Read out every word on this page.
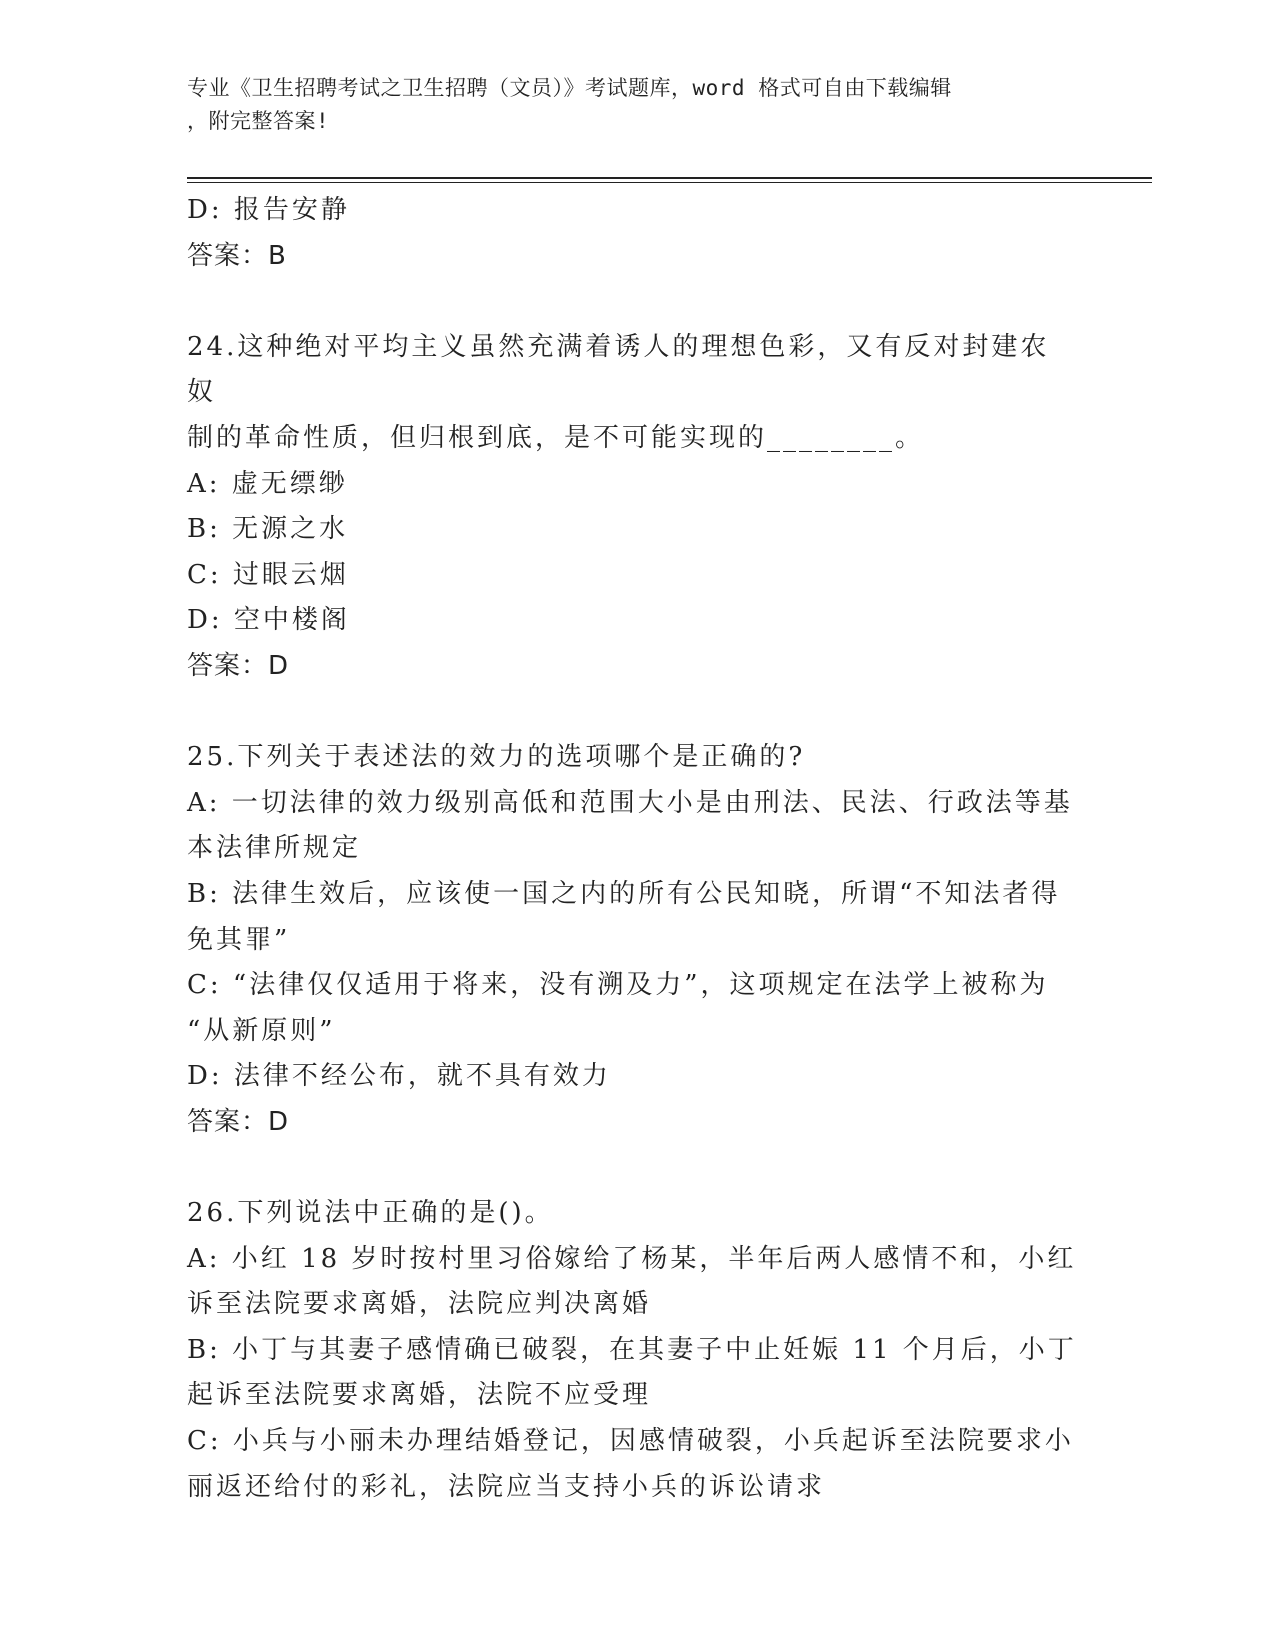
专业《卫生招聘考试之卫生招聘（文员）》考试题库，word 格式可自由下载编辑
，附完整答案!
D: 报告安静
答案：B
24.这种绝对平均主义虽然充满着诱人的理想色彩，又有反对封建农奴
制的革命性质，但归根到底，是不可能实现的________。
A: 虚无缥缈
B: 无源之水
C: 过眼云烟
D: 空中楼阁
答案：D
25.下列关于表述法的效力的选项哪个是正确的?
A: 一切法律的效力级别高低和范围大小是由刑法、民法、行政法等基
本法律所规定
B: 法律生效后，应该使一国之内的所有公民知晓，所谓“不知法者得
免其罪”
C: “法律仅仅适用于将来，没有溯及力”，这项规定在法学上被称为
“从新原则”
D: 法律不经公布，就不具有效力
答案：D
26.下列说法中正确的是()。
A: 小红 18 岁时按村里习俗嫁给了杨某，半年后两人感情不和，小红
诉至法院要求离婚，法院应判决离婚
B: 小丁与其妻子感情确已破裂，在其妻子中止妊娠 11 个月后，小丁
起诉至法院要求离婚，法院不应受理
C: 小兵与小丽未办理结婚登记，因感情破裂，小兵起诉至法院要求小
丽返还给付的彩礼，法院应当支持小兵的诉讼请求
